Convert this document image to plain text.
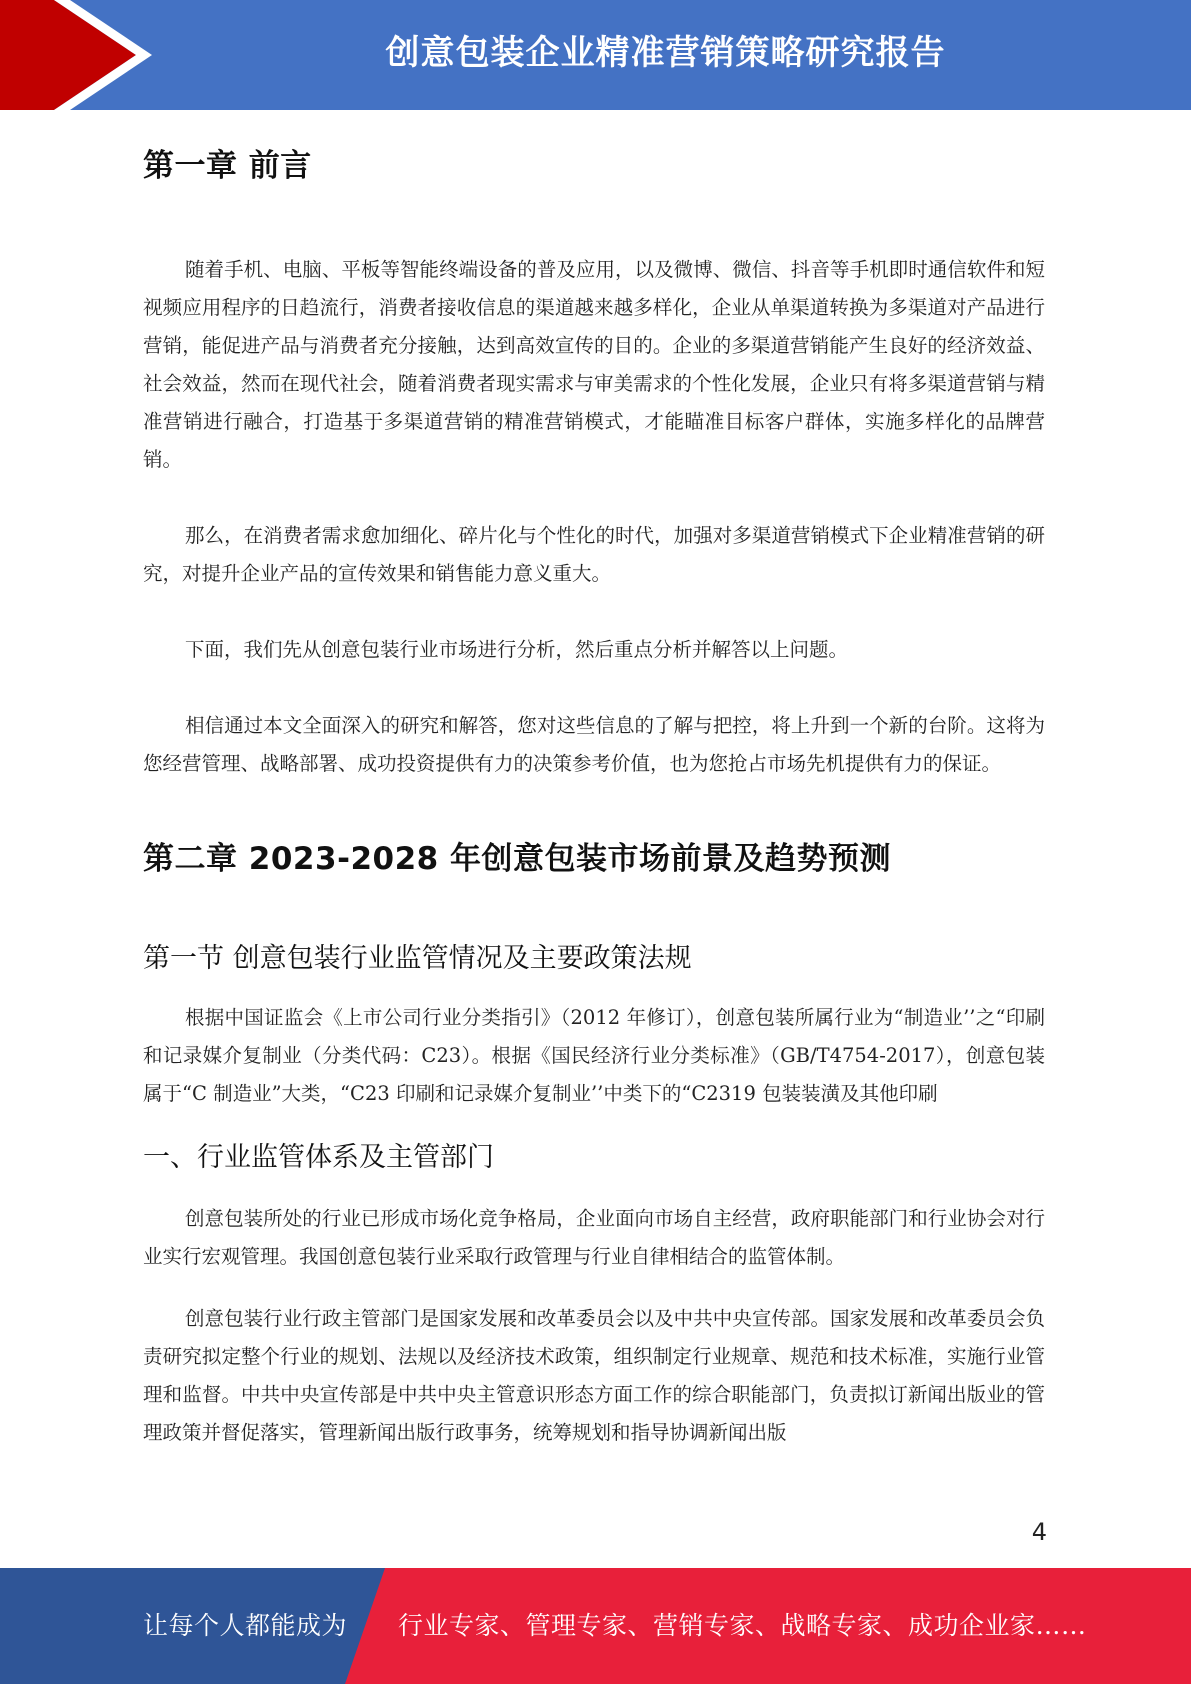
创意包装企业精准营销策略研究报告
第一章 前言

随着手机、电脑、平板等智能终端设备的普及应用，以及微博、微信、抖音等手机即时通信软件和短视频应用程序的日趋流行，消费者接收信息的渠道越来越多样化，企业从单渠道转换为多渠道对产品进行营销，能促进产品与消费者充分接触，达到高效宣传的目的。企业的多渠道营销能产生良好的经济效益、社会效益，然而在现代社会，随着消费者现实需求与审美需求的个性化发展，企业只有将多渠道营销与精准营销进行融合，打造基于多渠道营销的精准营销模式，才能瞄准目标客户群体，实施多样化的品牌营销。

那么，在消费者需求愈加细化、碎片化与个性化的时代，加强对多渠道营销模式下企业精准营销的研究，对提升企业产品的宣传效果和销售能力意义重大。

下面，我们先从创意包装行业市场进行分析，然后重点分析并解答以上问题。

相信通过本文全面深入的研究和解答，您对这些信息的了解与把控，将上升到一个新的台阶。这将为您经营管理、战略部署、成功投资提供有力的决策参考价值，也为您抢占市场先机提供有力的保证。

第二章 2023-2028 年创意包装市场前景及趋势预测
第一节 创意包装行业监管情况及主要政策法规

根据中国证监会《上市公司行业分类指引》（2012 年修订），创意包装所属行业为“制造业’’之“印刷和记录媒介复制业（分类代码：C23）。根据《国民经济行业分类标准》（GB/T4754-2017），创意包装属于“C 制造业”大类，“C23 印刷和记录媒介复制业’’中类下的“C2319 包装装潢及其他印刷

一、行业监管体系及主管部门

创意包装所处的行业已形成市场化竞争格局，企业面向市场自主经营，政府职能部门和行业协会对行业实行宏观管理。我国创意包装行业采取行政管理与行业自律相结合的监管体制。

创意包装行业行政主管部门是国家发展和改革委员会以及中共中央宣传部。国家发展和改革委员会负责研究拟定整个行业的规划、法规以及经济技术政策，组织制定行业规章、规范和技术标准，实施行业管理和监督。中共中央宣传部是中共中央主管意识形态方面工作的综合职能部门，负责拟订新闻出版业的管理政策并督促落实，管理新闻出版行政事务，统筹规划和指导协调新闻出版

4
让每个人都能成为 行业专家、管理专家、营销专家、战略专家、成功企业家……
